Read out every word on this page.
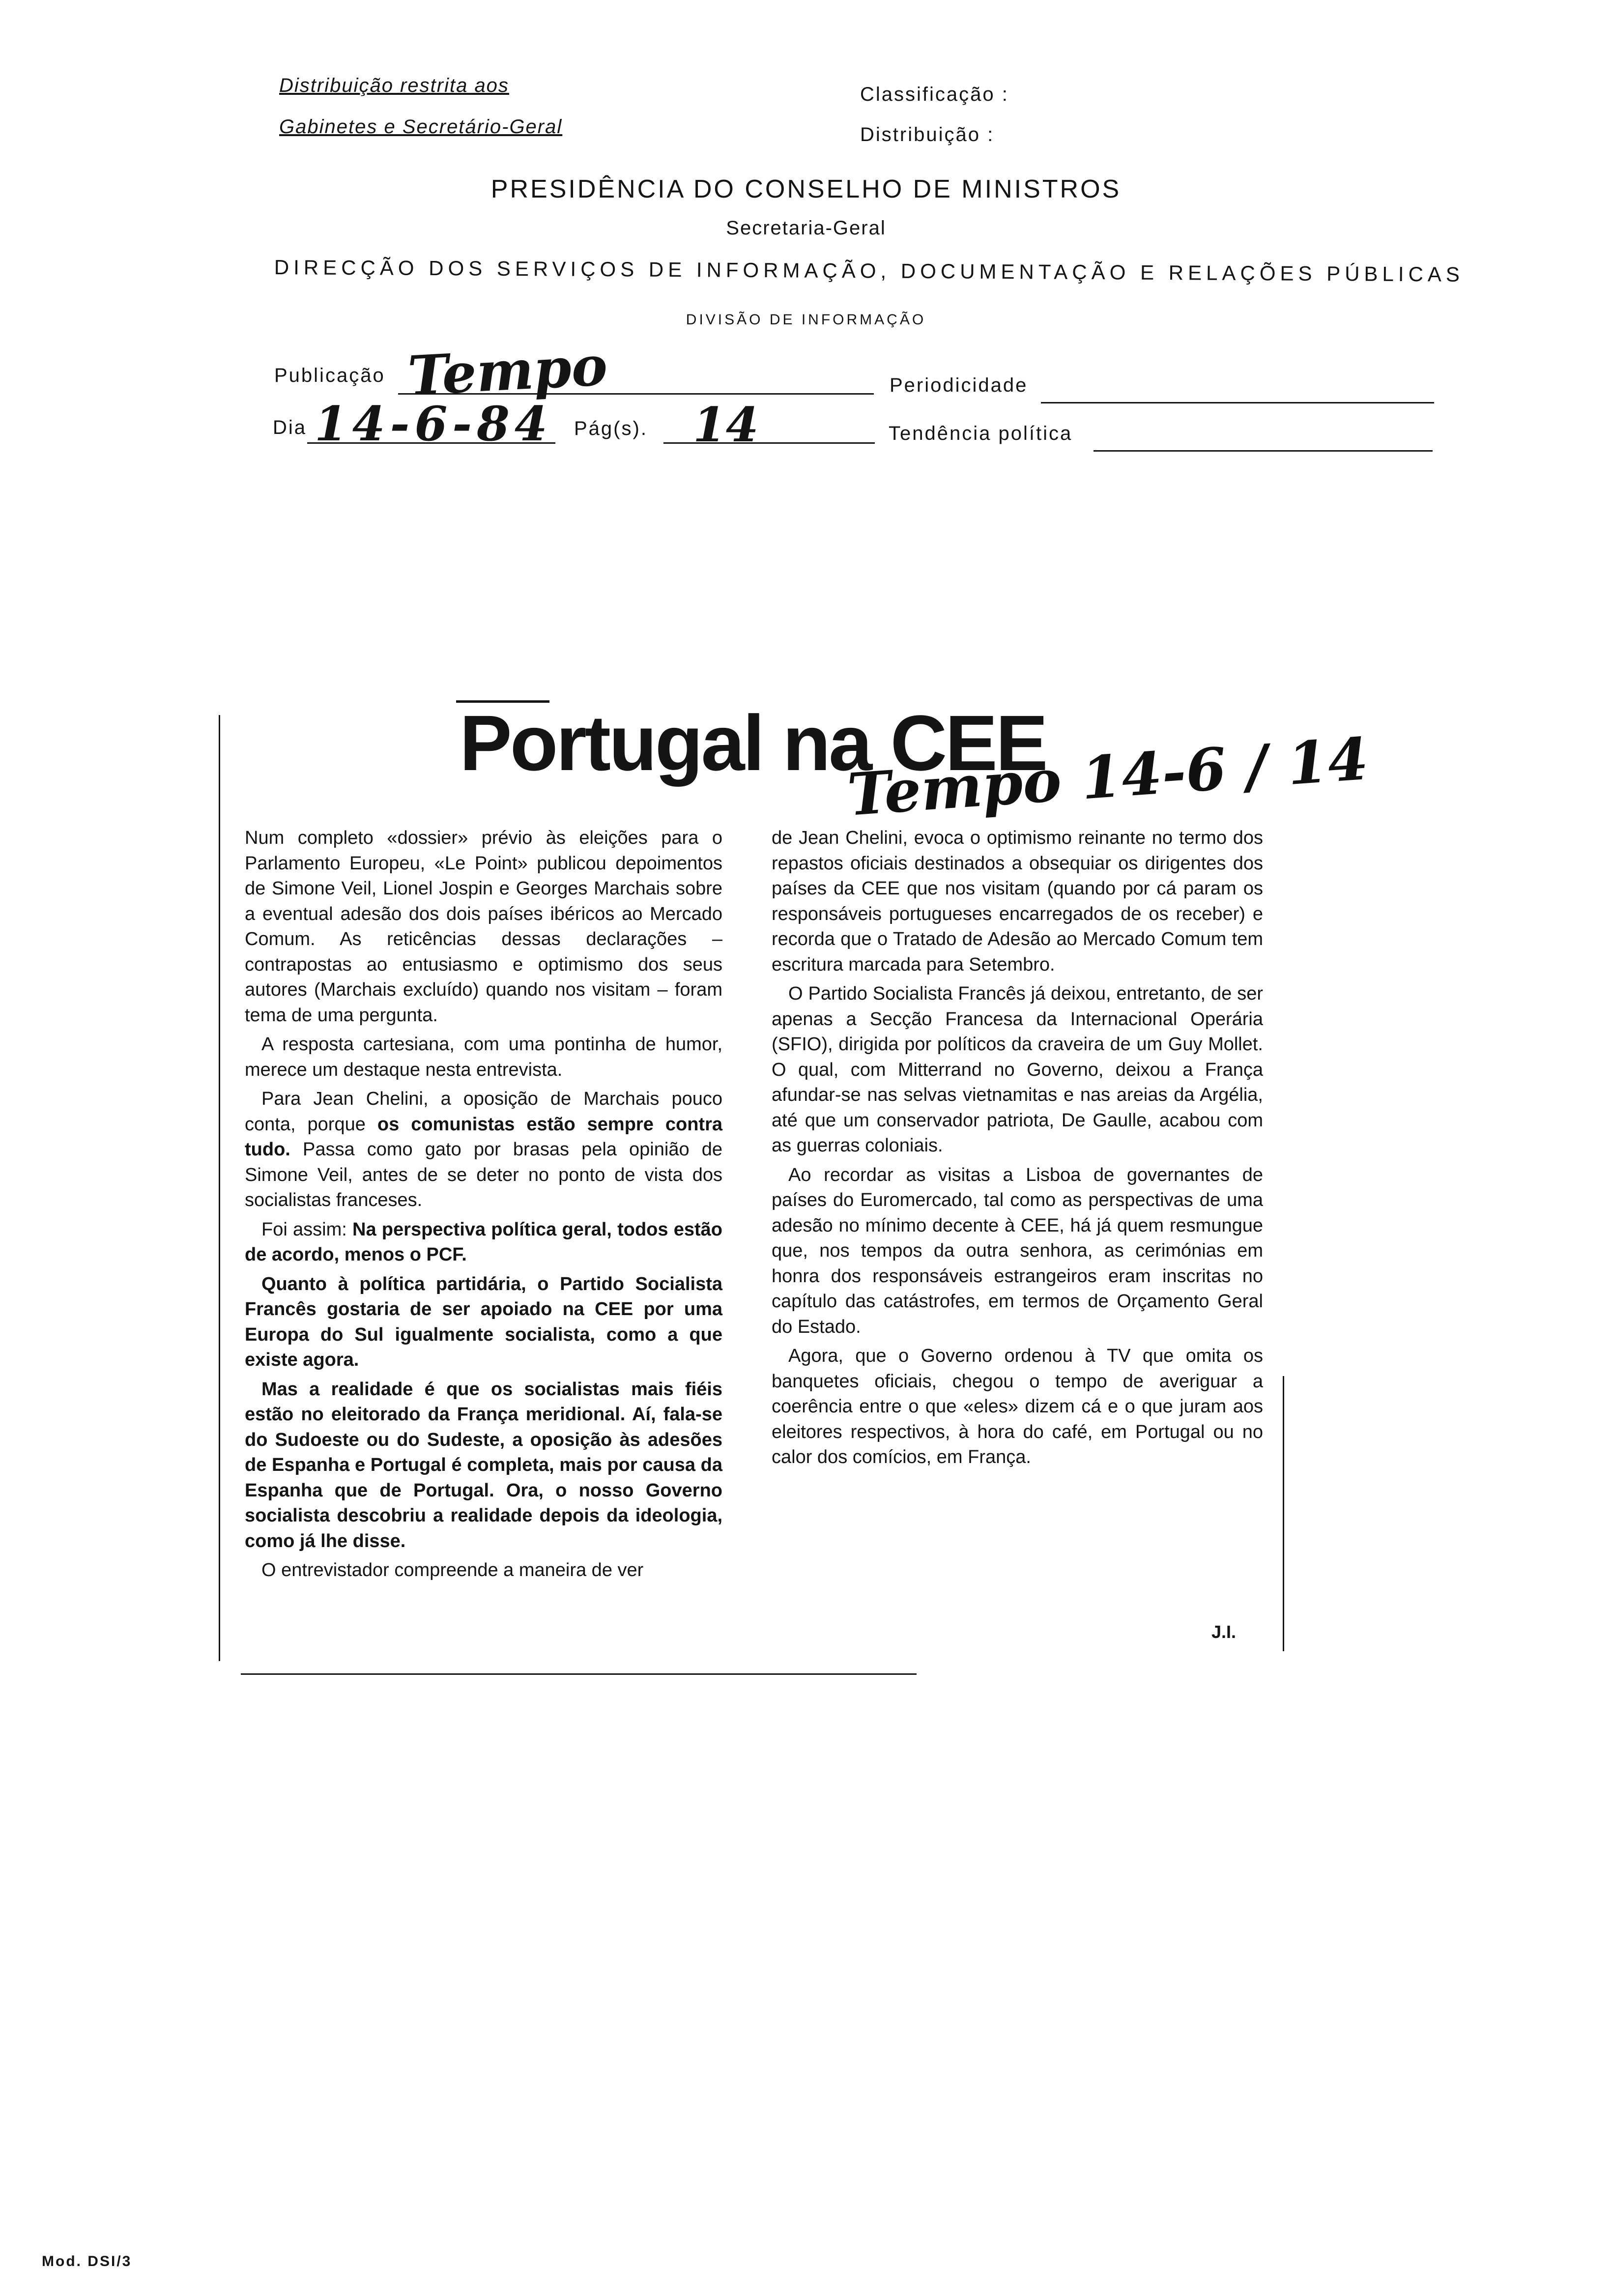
Distribuição restrita aos
Gabinetes e Secretário-Geral
Classificação :
Distribuição :
PRESIDÊNCIA DO CONSELHO DE MINISTROS
Secretaria-Geral
DIRECÇÃO DOS SERVIÇOS DE INFORMAÇÃO, DOCUMENTAÇÃO E RELAÇÕES PÚBLICAS
DIVISÃO DE INFORMAÇÃO
Publicação Tempo	Periodicidade
Dia 14-6-84 Pág(s). 14	Tendência política
Portugal na CEE
Tempo 14-6 / 14

Num completo «dossier» prévio às eleições para o Parlamento Europeu, «Le Point» publicou depoimentos de Simone Veil, Lionel Jospin e Georges Marchais sobre a eventual adesão dos dois países ibéricos ao Mercado Comum. As reticências dessas declarações – contrapostas ao entusiasmo e optimismo dos seus autores (Marchais excluído) quando nos visitam – foram tema de uma pergunta.

A resposta cartesiana, com uma pontinha de humor, merece um destaque nesta entrevista.

Para Jean Chelini, a oposição de Marchais pouco conta, porque os comunistas estão sempre contra tudo. Passa como gato por brasas pela opinião de Simone Veil, antes de se deter no ponto de vista dos socialistas franceses.

Foi assim: Na perspectiva política geral, todos estão de acordo, menos o PCF.

Quanto à política partidária, o Partido Socialista Francês gostaria de ser apoiado na CEE por uma Europa do Sul igualmente socialista, como a que existe agora.

Mas a realidade é que os socialistas mais fiéis estão no eleitorado da França meridional. Aí, fala-se do Sudoeste ou do Sudeste, a oposição às adesões de Espanha e Portugal é completa, mais por causa da Espanha que de Portugal. Ora, o nosso Governo socialista descobriu a realidade depois da ideologia, como já lhe disse.

O entrevistador compreende a maneira de ver

de Jean Chelini, evoca o optimismo reinante no termo dos repastos oficiais destinados a obsequiar os dirigentes dos países da CEE que nos visitam (quando por cá param os responsáveis portugueses encarregados de os receber) e recorda que o Tratado de Adesão ao Mercado Comum tem escritura marcada para Setembro.

O Partido Socialista Francês já deixou, entretanto, de ser apenas a Secção Francesa da Internacional Operária (SFIO), dirigida por políticos da craveira de um Guy Mollet. O qual, com Mitterrand no Governo, deixou a França afundar-se nas selvas vietnamitas e nas areias da Argélia, até que um conservador patriota, De Gaulle, acabou com as guerras coloniais.

Ao recordar as visitas a Lisboa de governantes de países do Euromercado, tal como as perspectivas de uma adesão no mínimo decente à CEE, há já quem resmungue que, nos tempos da outra senhora, as cerimónias em honra dos responsáveis estrangeiros eram inscritas no capítulo das catástrofes, em termos de Orçamento Geral do Estado.

Agora, que o Governo ordenou à TV que omita os banquetes oficiais, chegou o tempo de averiguar a coerência entre o que «eles» dizem cá e o que juram aos eleitores respectivos, à hora do café, em Portugal ou no calor dos comícios, em França.

J.I.
Mod. DSI/3
